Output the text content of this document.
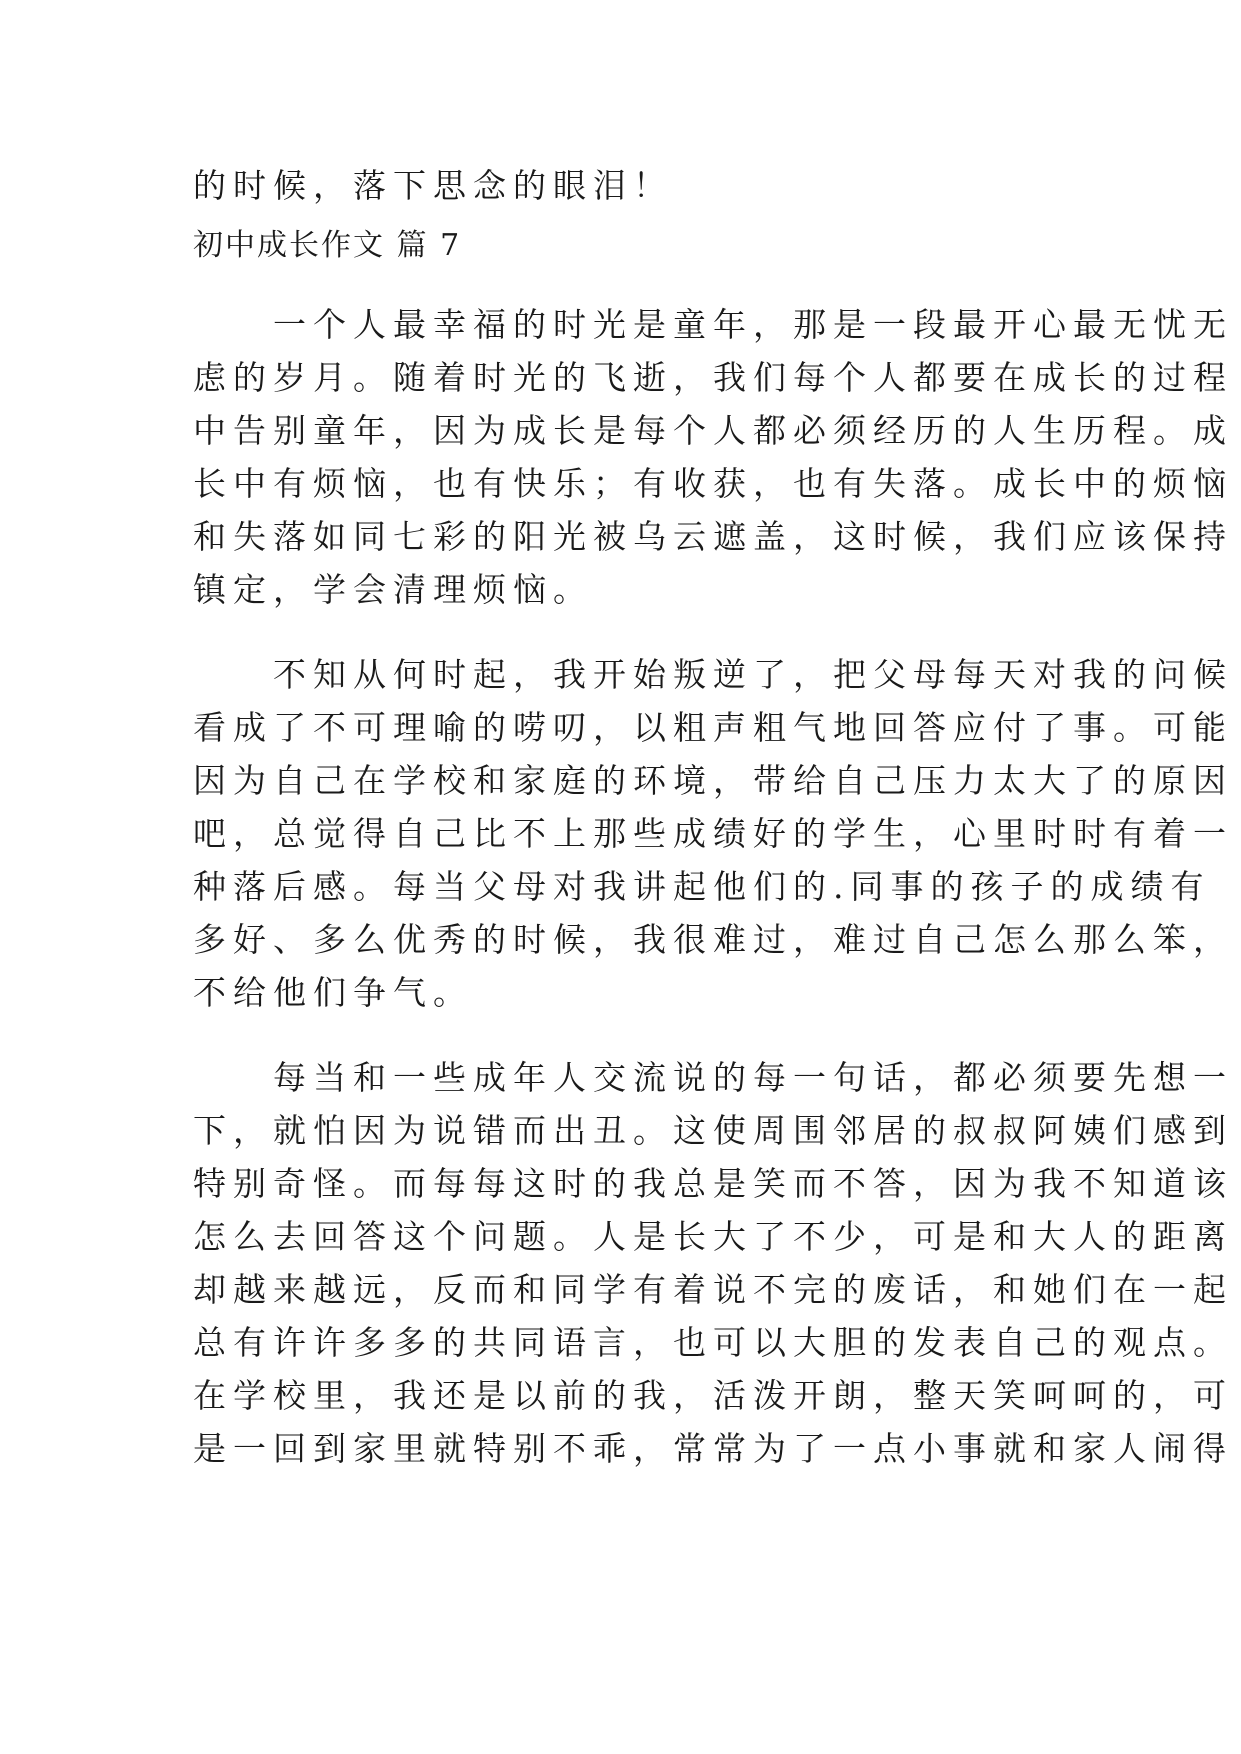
的时候，落下思念的眼泪！
初中成长作文 篇 7
　　一个人最幸福的时光是童年，那是一段最开心最无忧无
虑的岁月。随着时光的飞逝，我们每个人都要在成长的过程
中告别童年，因为成长是每个人都必须经历的人生历程。成
长中有烦恼，也有快乐；有收获，也有失落。成长中的烦恼
和失落如同七彩的阳光被乌云遮盖，这时候，我们应该保持
镇定，学会清理烦恼。
　　不知从何时起，我开始叛逆了，把父母每天对我的问候
看成了不可理喻的唠叨，以粗声粗气地回答应付了事。可能
因为自己在学校和家庭的环境，带给自己压力太大了的原因
吧，总觉得自己比不上那些成绩好的学生，心里时时有着一
种落后感。每当父母对我讲起他们的.同事的孩子的成绩有
多好、多么优秀的时候，我很难过，难过自己怎么那么笨，
不给他们争气。
　　每当和一些成年人交流说的每一句话，都必须要先想一
下，就怕因为说错而出丑。这使周围邻居的叔叔阿姨们感到
特别奇怪。而每每这时的我总是笑而不答，因为我不知道该
怎么去回答这个问题。人是长大了不少，可是和大人的距离
却越来越远，反而和同学有着说不完的废话，和她们在一起
总有许许多多的共同语言，也可以大胆的发表自己的观点。
在学校里，我还是以前的我，活泼开朗，整天笑呵呵的，可
是一回到家里就特别不乖，常常为了一点小事就和家人闹得
